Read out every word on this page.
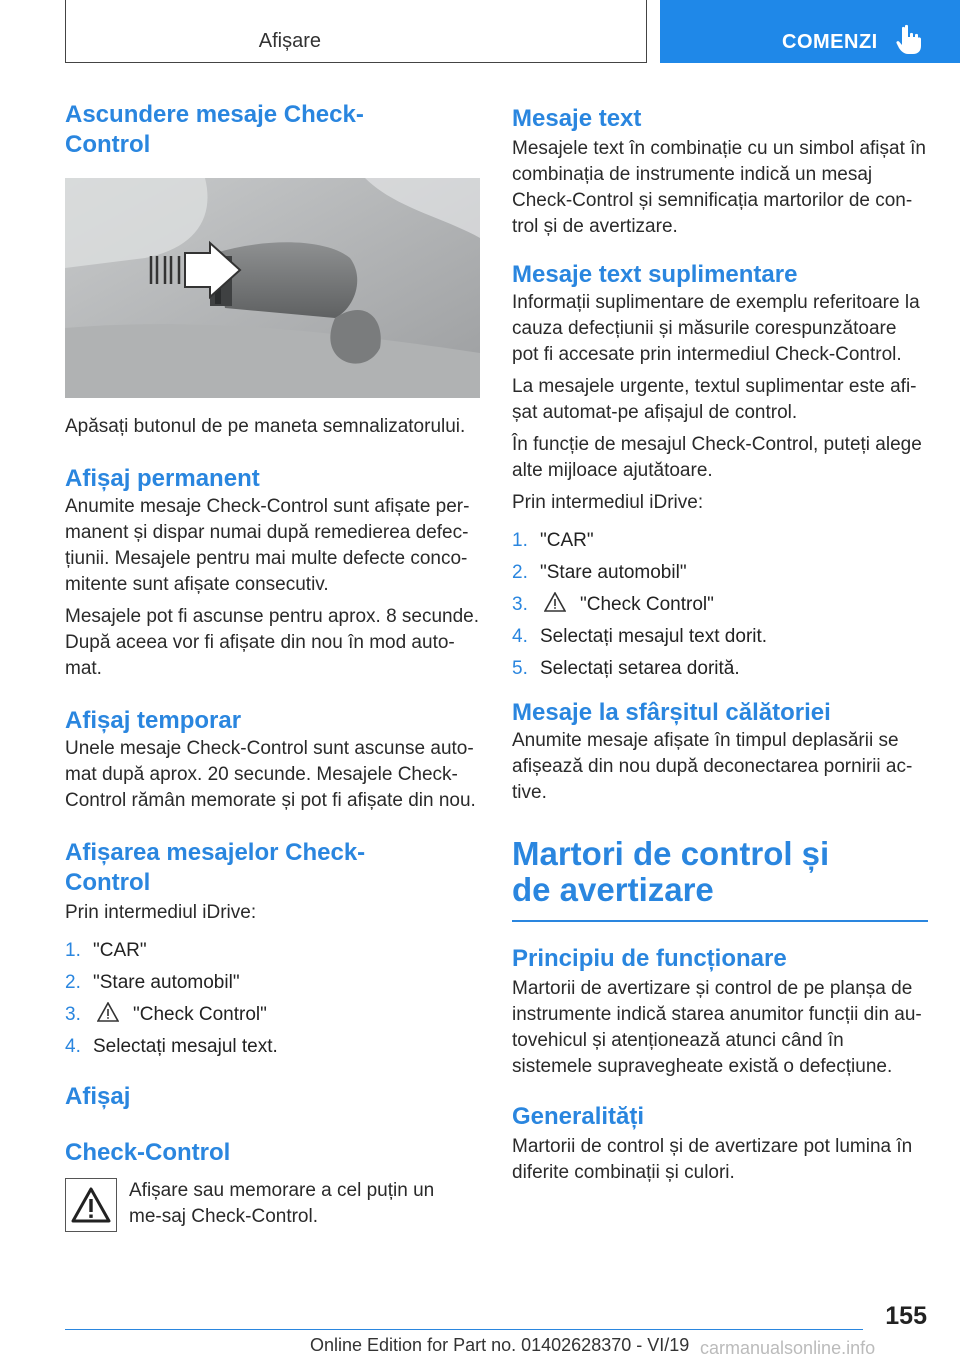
Afișare	COMENZI
Ascundere mesaje Check-Control

Apăsați butonul de pe maneta semnalizatorului.

Afișaj permanent

Anumite mesaje Check-Control sunt afișate per-manent și dispar numai după remedierea defec-țiunii. Mesajele pentru mai multe defecte conco-mitente sunt afișate consecutiv.

Mesajele pot fi ascunse pentru aprox. 8 secunde. După aceea vor fi afișate din nou în mod auto-mat.

Afișaj temporar

Unele mesaje Check-Control sunt ascunse auto-mat după aprox. 20 secunde. Mesajele Check-Control rămân memorate și pot fi afișate din nou.

Afișarea mesajelor Check-Control

Prin intermediul iDrive:

1. "CAR"
2. "Stare automobil"
3.	"Check Control"
4. Selectați mesajul text.
Afișaj
Check-Control

Afișare sau memorare a cel puțin un me-saj Check-Control.

Mesaje text

Mesajele text în combinație cu un simbol afișat în combinația de instrumente indică un mesaj Check-Control și semnificația martorilor de con-trol și de avertizare.

Mesaje text suplimentare

Informații suplimentare de exemplu referitoare la cauza defecțiunii și măsurile corespunzătoare pot fi accesate prin intermediul Check-Control.

La mesajele urgente, textul suplimentar este afi-șat automat-pe afișajul de control.

În funcție de mesajul Check-Control, puteți alege alte mijloace ajutătoare.

Prin intermediul iDrive:

1. "CAR"
2. "Stare automobil"
3.	"Check Control"
4. Selectați mesajul text dorit.
5. Selectați setarea dorită.
Mesaje la sfârșitul călătoriei

Anumite mesaje afișate în timpul deplasării se afișează din nou după deconectarea pornirii ac-tive.

Martori de control și de avertizare
Principiu de funcționare

Martorii de avertizare și control de pe planșa de instrumente indică starea anumitor funcții din au-tovehicul și atenționează atunci când în sistemele supravegheate există o defecțiune.

Generalități

Martorii de control și de avertizare pot lumina în diferite combinații și culori.

155
Online Edition for Part no. 01402628370 - VI/19 carmanualsonline.info
